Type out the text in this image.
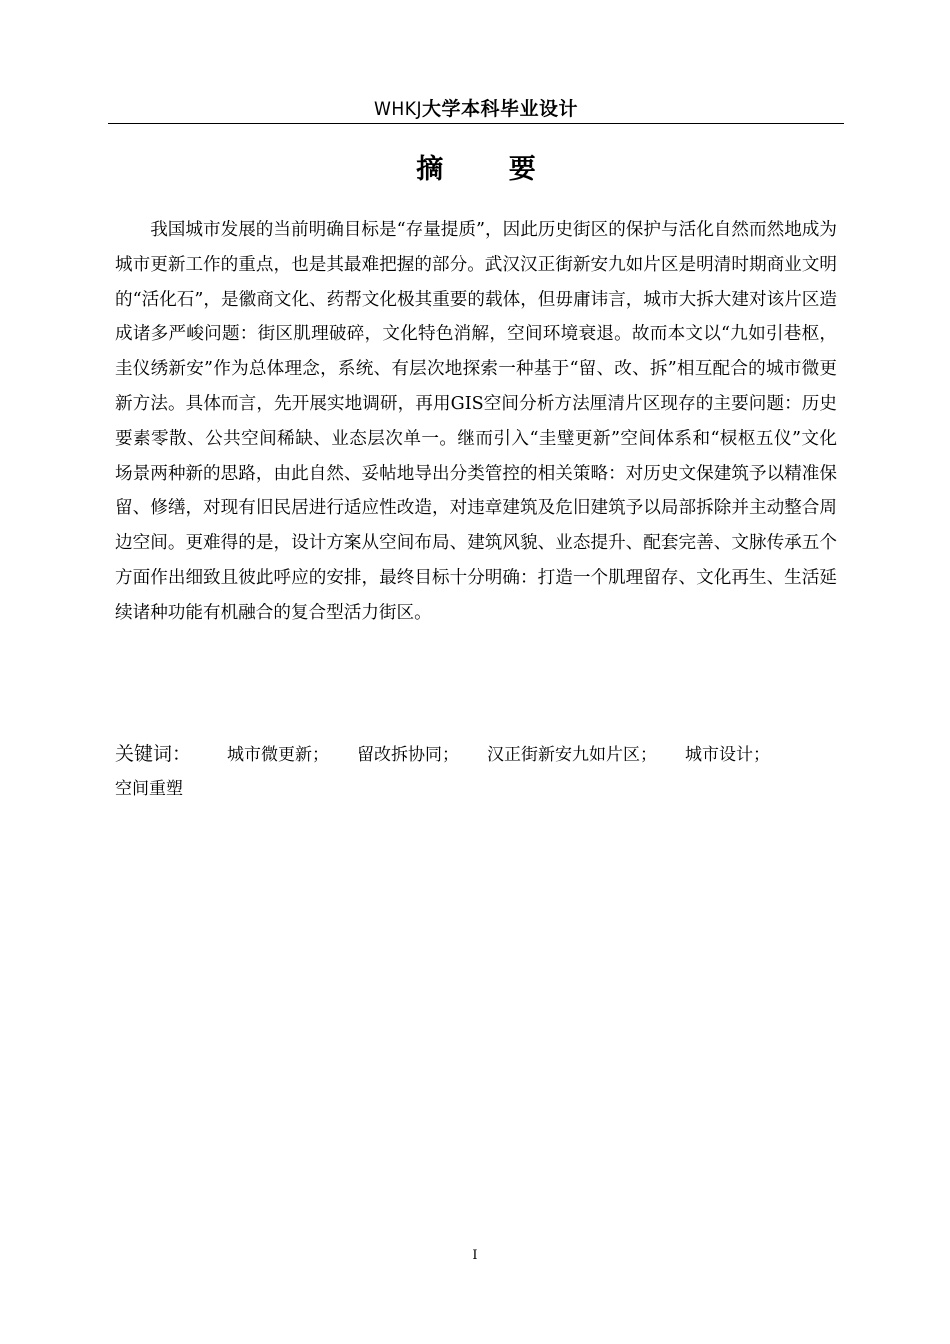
WHKJ大学本科毕业设计
摘 要

我国城市发展的当前明确目标是“存量提质”，因此历史街区的保护与活化自然而然地成为城市更新工作的重点，也是其最难把握的部分。武汉汉正街新安九如片区是明清时期商业文明的“活化石”，是徽商文化、药帮文化极其重要的载体，但毋庸讳言，城市大拆大建对该片区造成诸多严峻问题：街区肌理破碎，文化特色消解，空间环境衰退。故而本文以“九如引巷枢，圭仪绣新安”作为总体理念，系统、有层次地探索一种基于“留、改、拆”相互配合的城市微更新方法。具体而言，先开展实地调研，再用GIS空间分析方法厘清片区现存的主要问题：历史要素零散、公共空间稀缺、业态层次单一。继而引入“圭璧更新”空间体系和“棂枢五仪”文化场景两种新的思路，由此自然、妥帖地导出分类管控的相关策略：对历史文保建筑予以精准保留、修缮，对现有旧民居进行适应性改造，对违章建筑及危旧建筑予以局部拆除并主动整合周边空间。更难得的是，设计方案从空间布局、建筑风貌、业态提升、配套完善、文脉传承五个方面作出细致且彼此呼应的安排，最终目标十分明确：打造一个肌理留存、文化再生、生活延续诸种功能有机融合的复合型活力街区。

关键词： 城市微更新； 留改拆协同； 汉正街新安九如片区； 城市设计；
空间重塑
I
